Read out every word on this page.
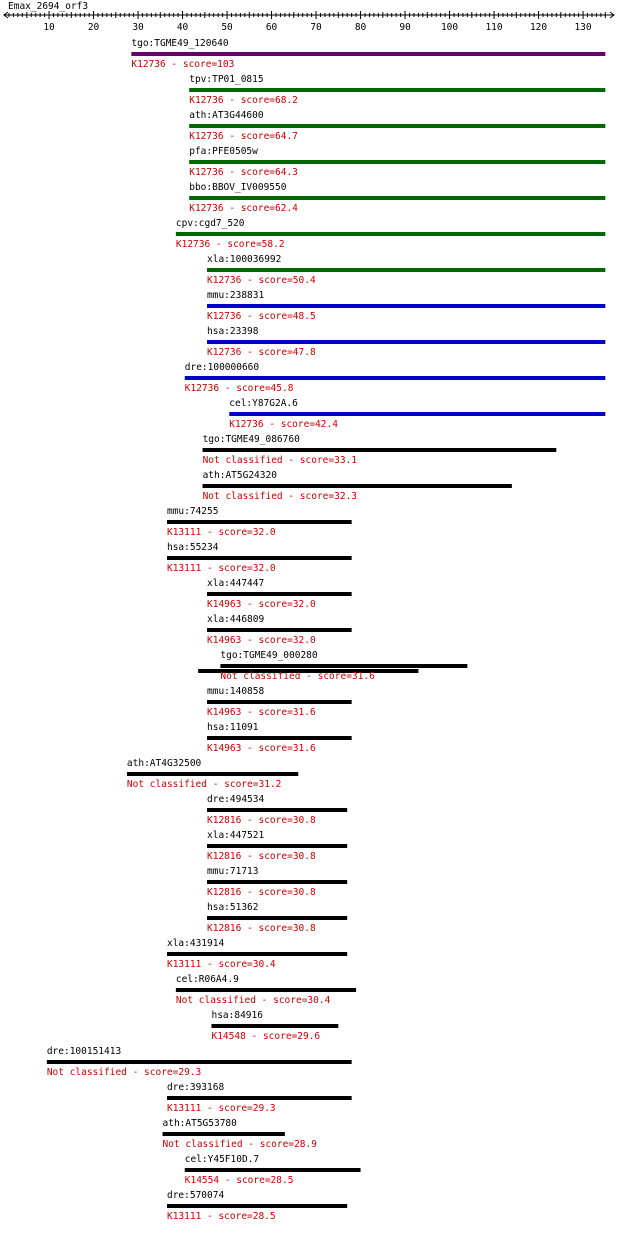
Emax_2694_orf3
10	20	30	40	50	60	70	80	90	100	110	120	130
tgo:TGME49_120640
K12736 - score=103
tpv:TP01_0815
K12736 - score=68.2
ath:AT3G44600
K12736 - score=64.7
pfa:PFE0505w
K12736 - score=64.3
bbo:BBOV_IV009550
K12736 - score=62.4
cpv:cgd7_520
K12736 - score=58.2
xla:100036992
K12736 - score=50.4
mmu:238831
K12736 - score=48.5
hsa:23398
K12736 - score=47.8
dre:100000660
K12736 - score=45.8
cel:Y87G2A.6
K12736 - score=42.4
tgo:TGME49_086760
Not classified - score=33.1
ath:AT5G24320
Not classified - score=32.3
mmu:74255
K13111 - score=32.0
hsa:55234
K13111 - score=32.0
xla:447447
K14963 - score=32.0
xla:446809
K14963 - score=32.0
tgo:TGME49_000280
Not classified - score=31.6
mmu:140858
K14963 - score=31.6
hsa:11091
K14963 - score=31.6
ath:AT4G32500
Not classified - score=31.2
dre:494534
K12816 - score=30.8
xla:447521
K12816 - score=30.8
mmu:71713
K12816 - score=30.8
hsa:51362
K12816 - score=30.8
xla:431914
K13111 - score=30.4
cel:R06A4.9
Not classified - score=30.4
hsa:84916
K14548 - score=29.6
dre:100151413
Not classified - score=29.3
dre:393168
K13111 - score=29.3
ath:AT5G53780
Not classified - score=28.9
cel:Y45F10D.7
K14554 - score=28.5
dre:570074
K13111 - score=28.5
